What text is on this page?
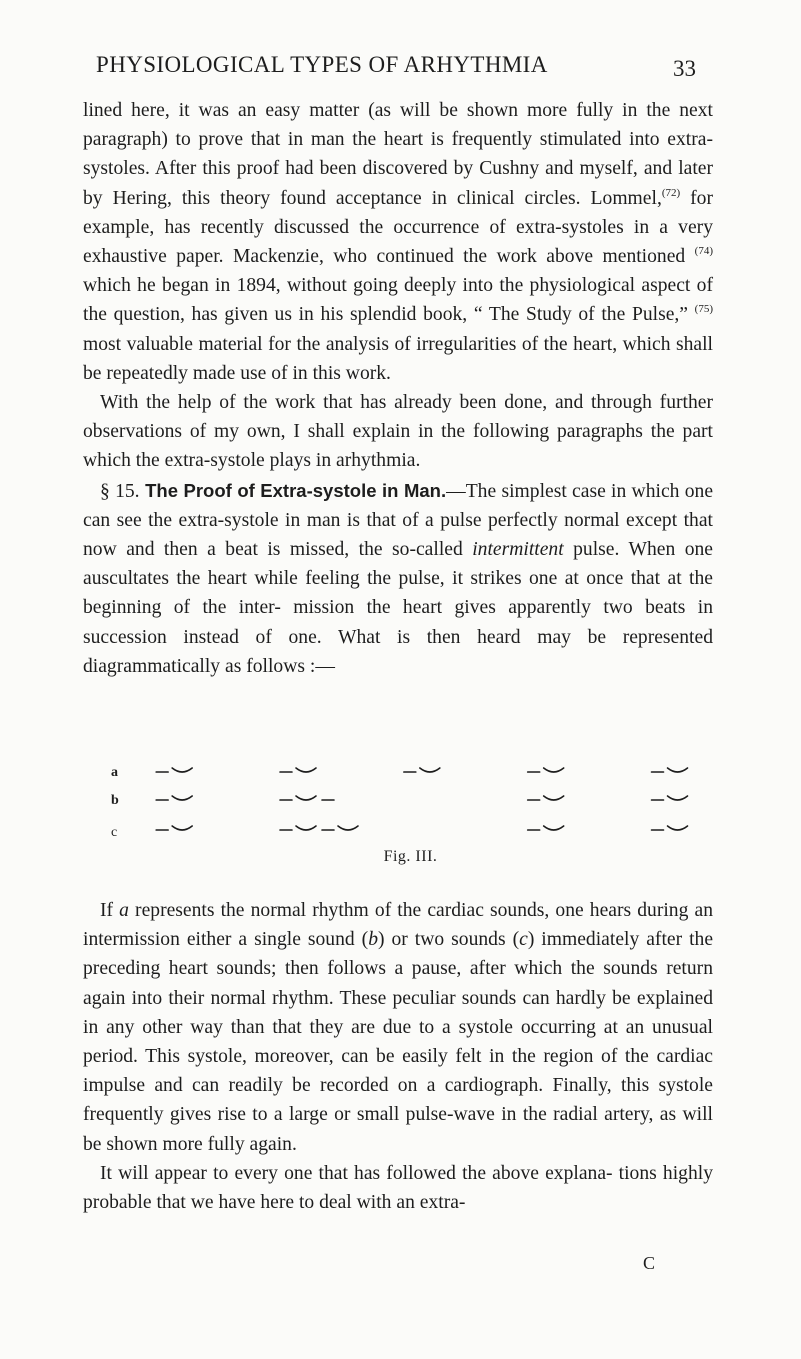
PHYSIOLOGICAL TYPES OF ARHYTHMIA	33

lined here, it was an easy matter (as will be shown more fully in the next paragraph) to prove that in man the heart is frequently stimulated into extra-systoles. After this proof had been discovered by Cushny and myself, and later by Hering, this theory found acceptance in clinical circles. Lommel,$^{(72)}$ for example, has recently discussed the occurrence of extra-systoles in a very exhaustive paper. Mackenzie, who continued the work above mentioned $^{(74)}$ which he began in 1894, without going deeply into the physiological aspect of the question, has given us in his splendid book, “ The Study of the Pulse,” $^{(75)}$ most valuable material for the analysis of irregularities of the heart, which shall be repeatedly made use of in this work.

With the help of the work that has already been done, and through further observations of my own, I shall explain in the following paragraphs the part which the extra-systole plays in arhythmia.

§ 15. The Proof of Extra-systole in Man.—The simplest case in which one can see the extra-systole in man is that of a pulse perfectly normal except that now and then a beat is missed, the so-called intermittent pulse. When one auscultates the heart while feeling the pulse, it strikes one at once that at the beginning of the inter- mission the heart gives apparently two beats in succession instead of one. What is then heard may be represented diagrammatically as follows :—

a
b
c
Fig. III.

If a represents the normal rhythm of the cardiac sounds, one hears during an intermission either a single sound (b) or two sounds (c) immediately after the preceding heart sounds; then follows a pause, after which the sounds return again into their normal rhythm. These peculiar sounds can hardly be explained in any other way than that they are due to a systole occurring at an unusual period. This systole, moreover, can be easily felt in the region of the cardiac impulse and can readily be recorded on a cardiograph. Finally, this systole frequently gives rise to a large or small pulse-wave in the radial artery, as will be shown more fully again.

It will appear to every one that has followed the above explana- tions highly probable that we have here to deal with an extra-

C
